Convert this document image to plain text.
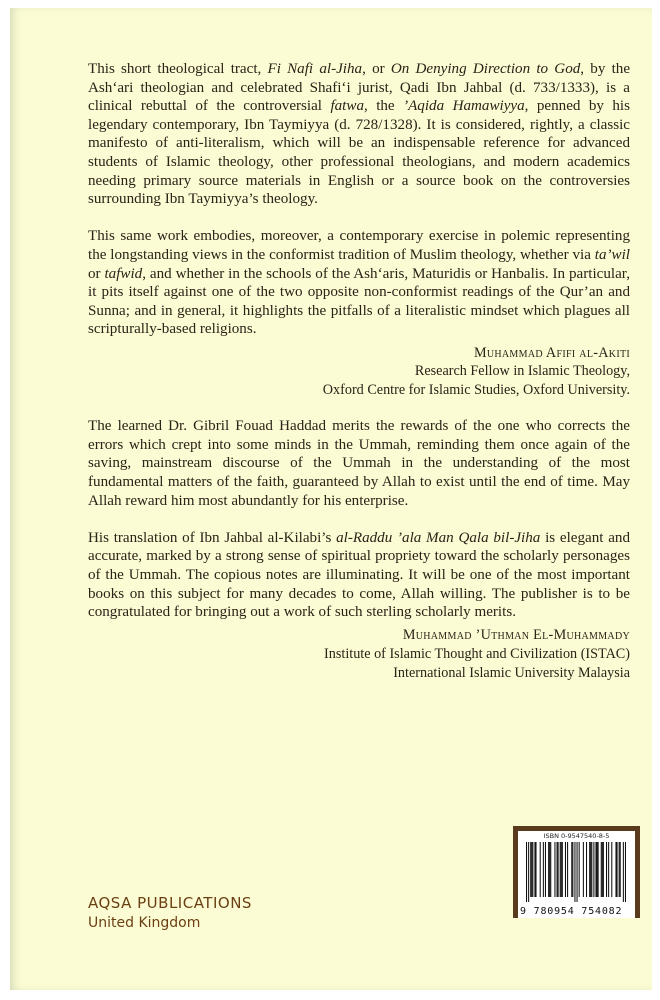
This short theological tract, Fi Nafi al-Jiha, or On Denying Direction to God, by the Ash‘ari theologian and celebrated Shafi‘i jurist, Qadi Ibn Jahbal (d. 733/1333), is a clinical rebuttal of the controversial fatwa, the ’Aqida Hamawiyya, penned by his legendary contemporary, Ibn Taymiyya (d. 728/1328). It is considered, rightly, a classic manifesto of anti-literalism, which will be an indispensable reference for advanced students of Islamic theology, other professional theologians, and modern academics needing primary source materials in English or a source book on the controversies surrounding Ibn Taymiyya’s theology.

This same work embodies, moreover, a contemporary exercise in polemic representing the longstanding views in the conformist tradition of Muslim theology, whether via ta’wil or tafwid, and whether in the schools of the Ash‘aris, Maturidis or Hanbalis. In particular, it pits itself against one of the two opposite non-conformist readings of the Qur’an and Sunna; and in general, it highlights the pitfalls of a literalistic mindset which plagues all scripturally-based religions.

Muhammad Afifi al-Akiti
Research Fellow in Islamic Theology,
Oxford Centre for Islamic Studies, Oxford University.

The learned Dr. Gibril Fouad Haddad merits the rewards of the one who corrects the errors which crept into some minds in the Ummah, reminding them once again of the saving, mainstream discourse of the Ummah in the understanding of the most fundamental matters of the faith, guaranteed by Allah to exist until the end of time. May Allah reward him most abundantly for his enterprise.

His translation of Ibn Jahbal al-Kilabi’s al-Raddu ’ala Man Qala bil-Jiha is elegant and accurate, marked by a strong sense of spiritual propriety toward the scholarly personages of the Ummah. The copious notes are illuminating. It will be one of the most important books on this subject for many decades to come, Allah willing. The publisher is to be congratulated for bringing out a work of such sterling scholarly merits.

Muhammad ’Uthman El-Muhammady
Institute of Islamic Thought and Civilization (ISTAC)
International Islamic University Malaysia
ISBN 0-9547540-8-5
9 780954 754082
AQSA PUBLICATIONS
United Kingdom
